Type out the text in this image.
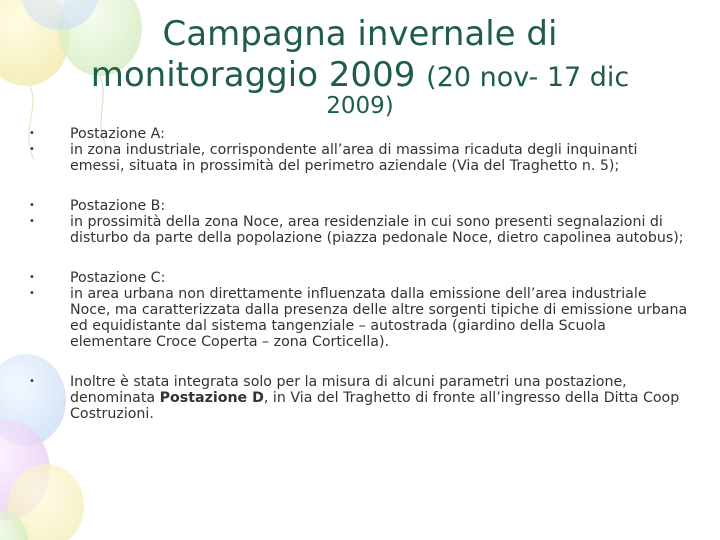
Campagna invernale di
monitoraggio 2009 (20 nov- 17 dic
2009)
•	Postazione A:
•	in zona industriale, corrispondente all’area di massima ricaduta degli inquinanti emessi, situata in prossimità del perimetro aziendale (Via del Traghetto n. 5);
•	Postazione B:
•	in prossimità della zona Noce, area residenziale in cui sono presenti segnalazioni di disturbo da parte della popolazione (piazza pedonale Noce, dietro capolinea autobus);
•	Postazione C:
•	in area urbana non direttamente influenzata dalla emissione dell’area industriale Noce, ma caratterizzata dalla presenza delle altre sorgenti tipiche di emissione urbana ed equidistante dal sistema tangenziale – autostrada (giardino della Scuola elementare Croce Coperta – zona Corticella).
•	Inoltre è stata integrata solo per la misura di alcuni parametri una postazione, denominata Postazione D, in Via del Traghetto di fronte all’ingresso della Ditta Coop Costruzioni.
